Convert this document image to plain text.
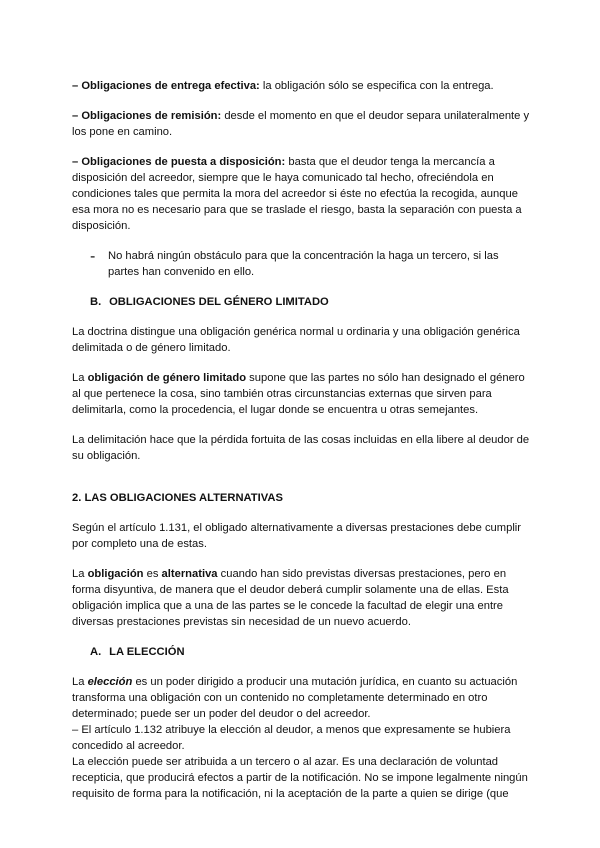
– Obligaciones de entrega efectiva: la obligación sólo se especifica con la entrega.

– Obligaciones de remisión: desde el momento en que el deudor separa unilateralmente y los pone en camino.

– Obligaciones de puesta a disposición: basta que el deudor tenga la mercancía a disposición del acreedor, siempre que le haya comunicado tal hecho, ofreciéndola en condiciones tales que permita la mora del acreedor si éste no efectúa la recogida, aunque esa mora no es necesario para que se traslade el riesgo, basta la separación con puesta a disposición.

-	No habrá ningún obstáculo para que la concentración la haga un tercero, si las partes han convenido en ello.

B. OBLIGACIONES DEL GÉNERO LIMITADO

La doctrina distingue una obligación genérica normal u ordinaria y una obligación genérica delimitada o de género limitado.

La obligación de género limitado supone que las partes no sólo han designado el género al que pertenece la cosa, sino también otras circunstancias externas que sirven para delimitarla, como la procedencia, el lugar donde se encuentra u otras semejantes.

La delimitación hace que la pérdida fortuita de las cosas incluidas en ella libere al deudor de su obligación.

2. LAS OBLIGACIONES ALTERNATIVAS

Según el artículo 1.131, el obligado alternativamente a diversas prestaciones debe cumplir por completo una de estas.

La obligación es alternativa cuando han sido previstas diversas prestaciones, pero en forma disyuntiva, de manera que el deudor deberá cumplir solamente una de ellas. Esta obligación implica que a una de las partes se le concede la facultad de elegir una entre diversas prestaciones previstas sin necesidad de un nuevo acuerdo.

A. LA ELECCIÓN

La elección es un poder dirigido a producir una mutación jurídica, en cuanto su actuación transforma una obligación con un contenido no completamente determinado en otro determinado; puede ser un poder del deudor o del acreedor.

– El artículo 1.132 atribuye la elección al deudor, a menos que expresamente se hubiera concedido al acreedor.

La elección puede ser atribuida a un tercero o al azar. Es una declaración de voluntad recepticia, que producirá efectos a partir de la notificación. No se impone legalmente ningún requisito de forma para la notificación, ni la aceptación de la parte a quien se dirige (que
